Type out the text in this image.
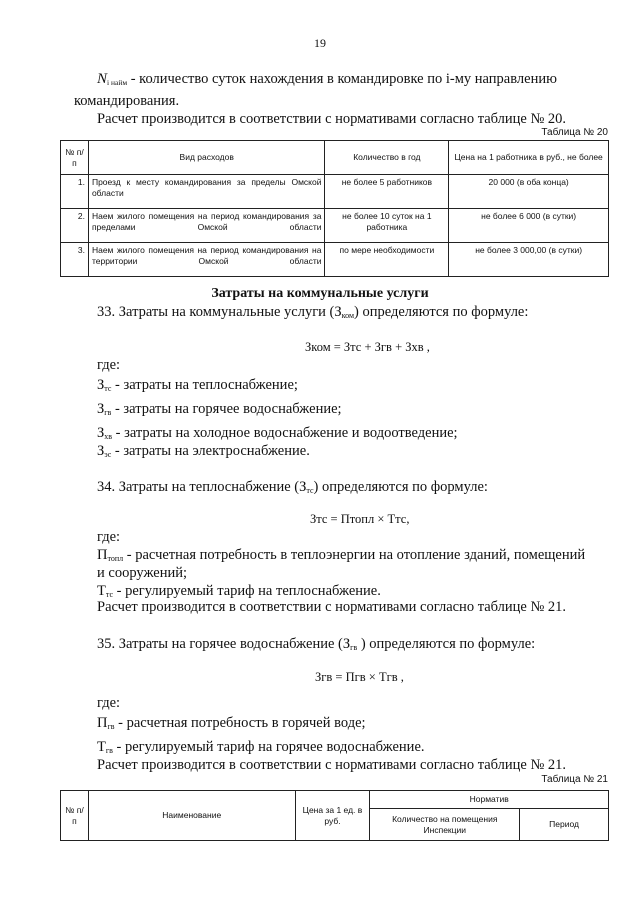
19
$N_{i найм}$ - количество суток нахождения в командировке по i-му направлению
командирования.
Расчет производится в соответствии с нормативами согласно таблице № 20.
Таблица № 20
№ п/п	Вид расходов	Количество в год	Цена на 1 работника в руб., не более
1.	Проезд к месту командирования за пределы Омской области	не более 5 работников	20 000 (в оба конца)
2.	Наем жилого помещения на период командирования за пределами Омской области	не более 10 суток на 1 работника	не более 6 000 (в сутки)
3.	Наем жилого помещения на период командирования на территории Омской области	по мере необходимости	не более 3 000,00 (в сутки)
Затраты на коммунальные услуги
33. Затраты на коммунальные услуги $(З_{ком})$ определяются по формуле:
Зком = Зтс + Згв + Зхв ,
где:
$З_{тс}$ - затраты на теплоснабжение;
$З_{гв}$ - затраты на горячее водоснабжение;
$З_{хв}$ - затраты на холодное водоснабжение и водоотведение;
$З_{эс}$ - затраты на электроснабжение.
34. Затраты на теплоснабжение $(З_{тс})$ определяются по формуле:
Зтс = Птопл × Ттс,
где:
$П_{топл}$ - расчетная потребность в теплоэнергии на отопление зданий, помещений
и сооружений;
$Т_{тс}$ - регулируемый тариф на теплоснабжение.
Расчет производится в соответствии с нормативами согласно таблице № 21.
35. Затраты на горячее водоснабжение ($З_{гв}$ ) определяются по формуле:
Згв = Пгв × Тгв ,
где:
$П_{гв}$ - расчетная потребность в горячей воде;
$Т_{гв}$ - регулируемый тариф на горячее водоснабжение.
Расчет производится в соответствии с нормативами согласно таблице № 21.
Таблица № 21
№ п/п	Наименование	Цена за 1 ед. в руб.	Норматив	
			Количество на помещения Инспекции	Период
